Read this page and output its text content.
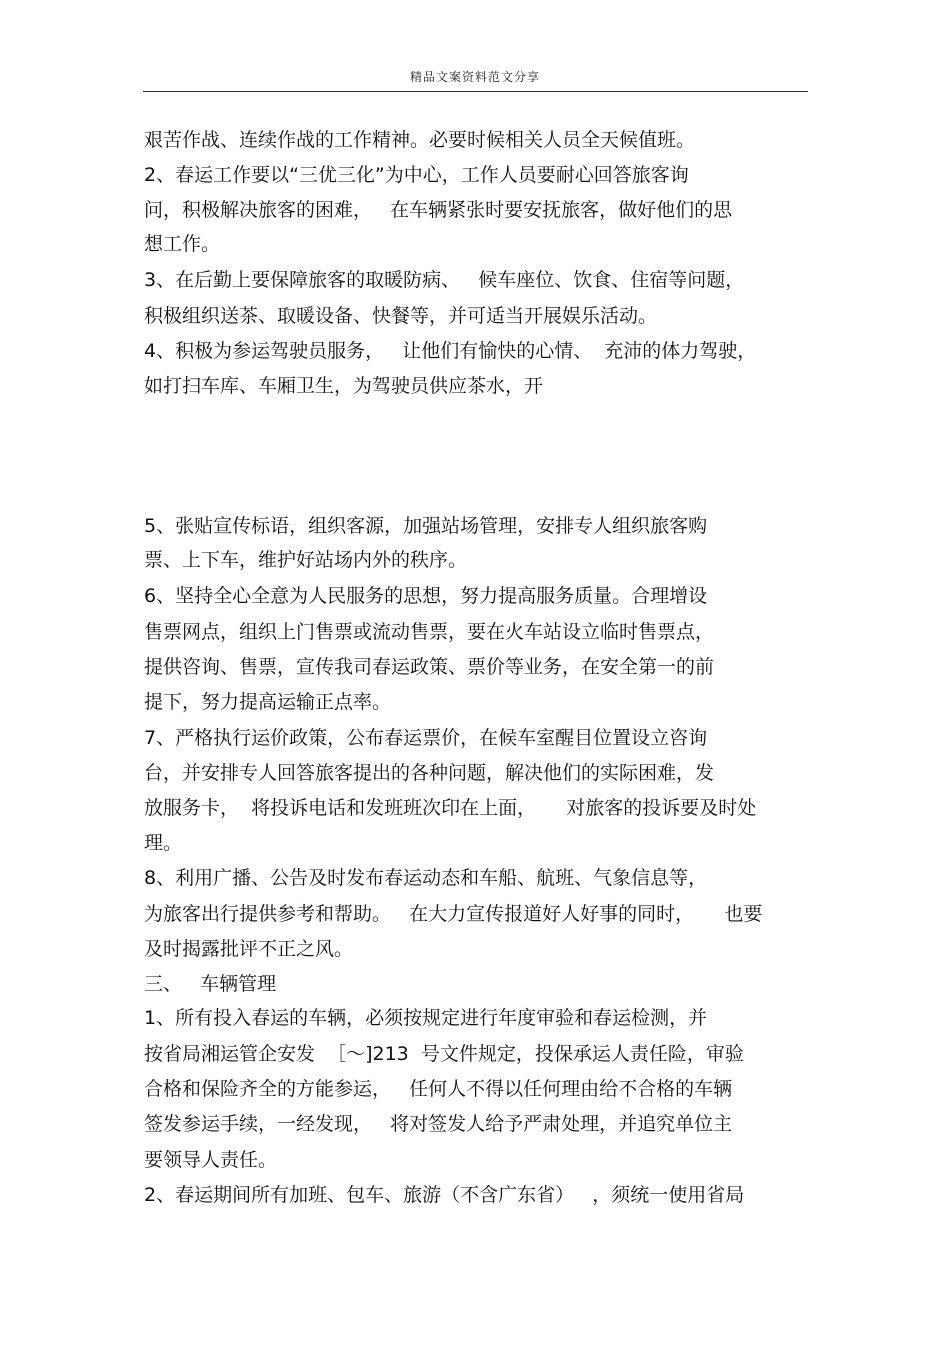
精品文案资料范文分享
艰苦作战、连续作战的工作精神。必要时候相关人员全天候值班。
2、春运工作要以“三优三化”为中心，工作人员要耐心回答旅客询
问，积极解决旅客的困难，   在车辆紧张时要安抚旅客，做好他们的思
想工作。
3、在后勤上要保障旅客的取暖防病、   候车座位、饮食、住宿等问题，
积极组织送茶、取暖设备、快餐等，并可适当开展娱乐活动。
4、积极为参运驾驶员服务，   让他们有愉快的心情、  充沛的体力驾驶，
如打扫车库、车厢卫生，为驾驶员供应茶水，开
5、张贴宣传标语，组织客源，加强站场管理，安排专人组织旅客购
票、上下车，维护好站场内外的秩序。
6、坚持全心全意为人民服务的思想，努力提高服务质量。合理增设
售票网点，组织上门售票或流动售票，要在火车站设立临时售票点，
提供咨询、售票，宣传我司春运政策、票价等业务，在安全第一的前
提下，努力提高运输正点率。
7、严格执行运价政策，公布春运票价，在候车室醒目位置设立咨询
台，并安排专人回答旅客提出的各种问题，解决他们的实际困难，发
放服务卡，  将投诉电话和发班班次印在上面，     对旅客的投诉要及时处
理。
8、利用广播、公告及时发布春运动态和车船、航班、气象信息等，
为旅客出行提供参考和帮助。   在大力宣传报道好人好事的同时，     也要
及时揭露批评不正之风。
三、   车辆管理
1、所有投入春运的车辆，必须按规定进行年度审验和春运检测，并
按省局湘运管企安发  ［～]213  号文件规定，投保承运人责任险，审验
合格和保险齐全的方能参运，   任何人不得以任何理由给不合格的车辆
签发参运手续，一经发现，   将对签发人给予严肃处理，并追究单位主
要领导人责任。
2、春运期间所有加班、包车、旅游（不含广东省）   ，须统一使用省局
